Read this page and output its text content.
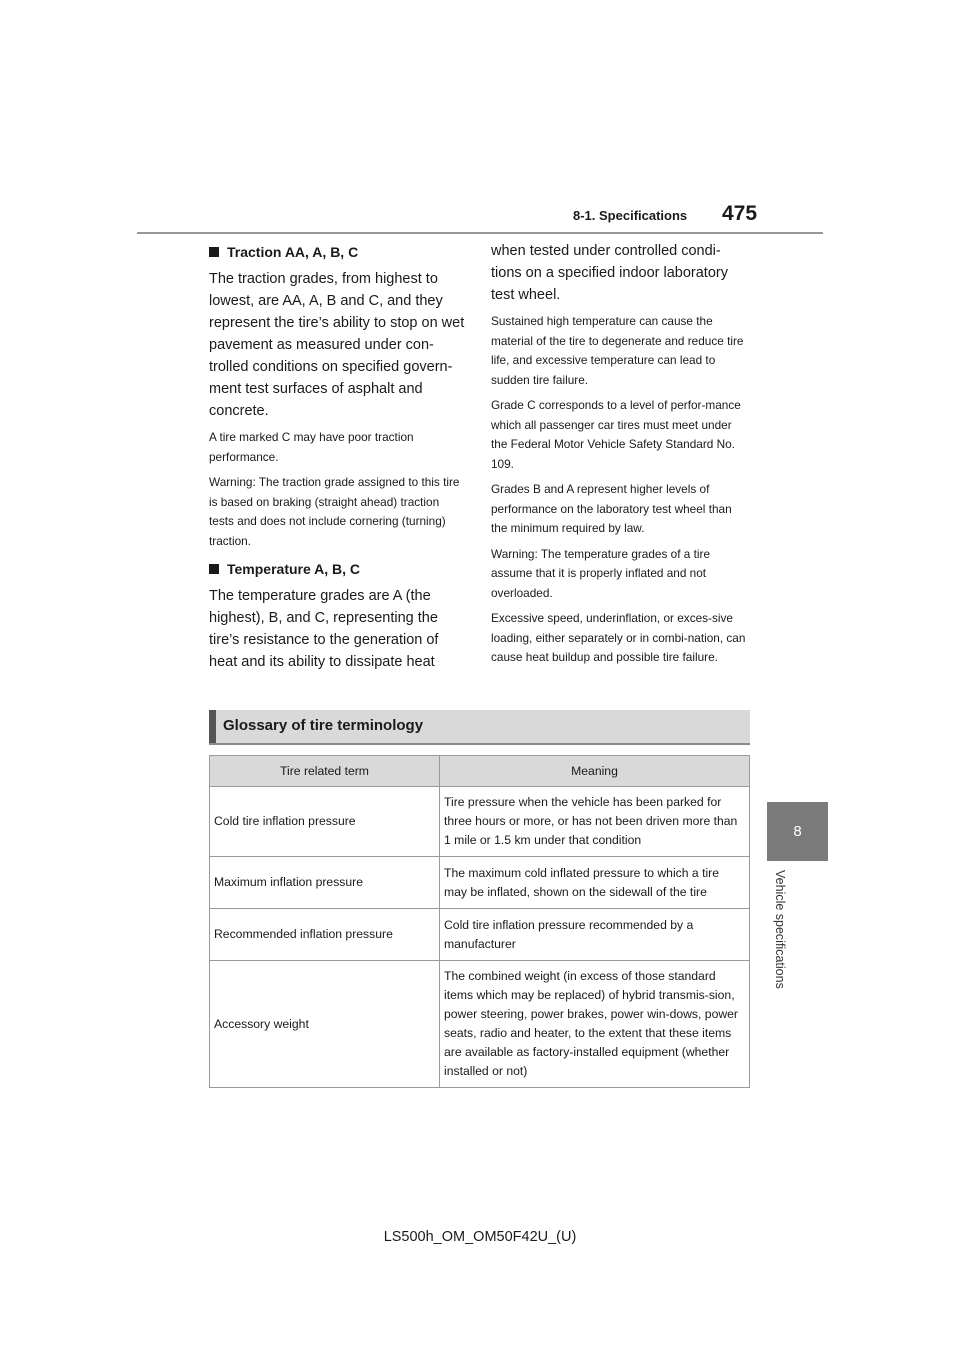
8-1. Specifications 475
8
Vehicle specifications
Traction AA, A, B, C

The traction grades, from highest to lowest, are AA, A, B and C, and they represent the tire’s ability to stop on wet pavement as measured under con-trolled conditions on specified govern-ment test surfaces of asphalt and concrete.

A tire marked C may have poor traction performance.

Warning: The traction grade assigned to this tire is based on braking (straight ahead) traction tests and does not include cornering (turning) traction.

Temperature A, B, C

The temperature grades are A (the highest), B, and C, representing the tire’s resistance to the generation of heat and its ability to dissipate heat

when tested under controlled condi-tions on a specified indoor laboratory test wheel.

Sustained high temperature can cause the material of the tire to degenerate and reduce tire life, and excessive temperature can lead to sudden tire failure.

Grade C corresponds to a level of perfor-mance which all passenger car tires must meet under the Federal Motor Vehicle Safety Standard No. 109.

Grades B and A represent higher levels of performance on the laboratory test wheel than the minimum required by law.

Warning: The temperature grades of a tire assume that it is properly inflated and not overloaded.

Excessive speed, underinflation, or exces-sive loading, either separately or in combi-nation, can cause heat buildup and possible tire failure.

Glossary of tire terminology
Tire related term	Meaning
Cold tire inflation pressure	Tire pressure when the vehicle has been parked for three hours or more, or has not been driven more than 1 mile or 1.5 km under that condition
Maximum inflation pressure	The maximum cold inflated pressure to which a tire may be inflated, shown on the sidewall of the tire
Recommended inflation pressure	Cold tire inflation pressure recommended by a manufacturer
Accessory weight	The combined weight (in excess of those standard items which may be replaced) of hybrid transmis-sion, power steering, power brakes, power win-dows, power seats, radio and heater, to the extent that these items are available as factory-installed equipment (whether installed or not)
LS500h_OM_OM50F42U_(U)
